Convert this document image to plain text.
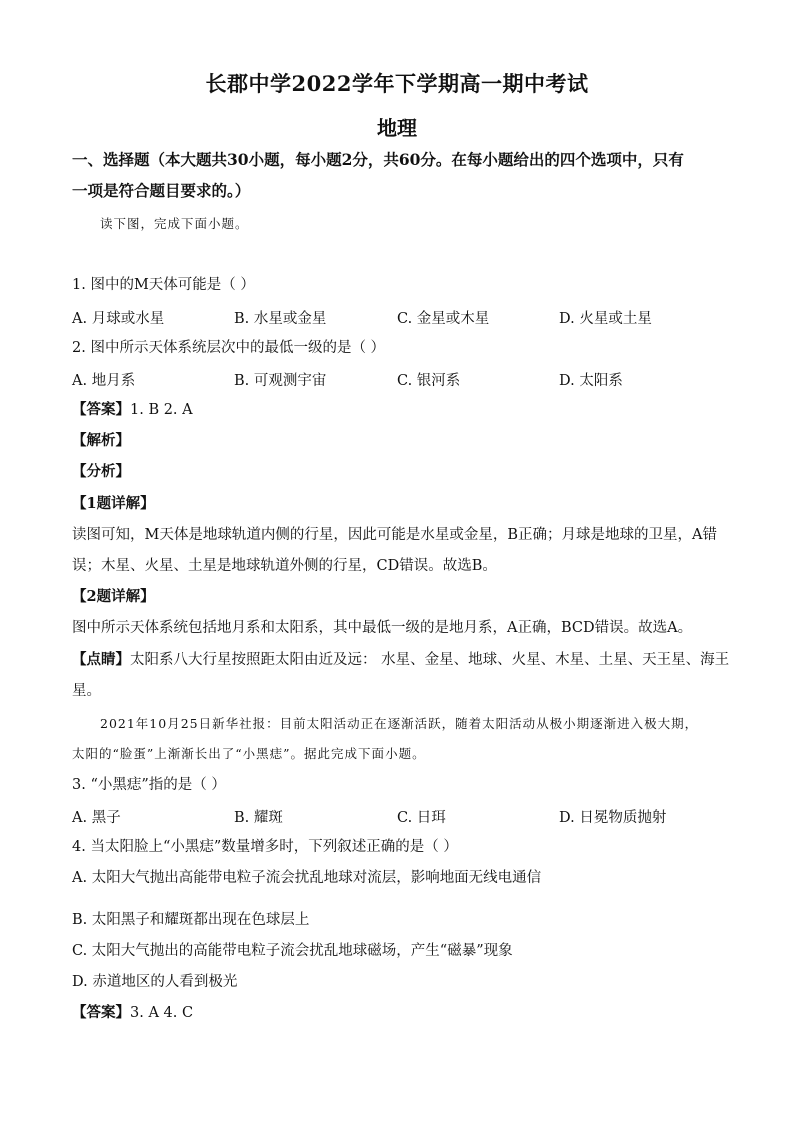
长郡中学2022学年下学期高一期中考试
地理
一、选择题（本大题共30小题，每小题2分，共60分。在每小题给出的四个选项中，只有
一项是符合题目要求的。）
读下图，完成下面小题。
1. 图中的M天体可能是（ ）
A. 月球或水星	B. 水星或金星	C. 金星或木星	D. 火星或土星
2. 图中所示天体系统层次中的最低一级的是（ ）
A. 地月系	B. 可观测宇宙	C. 银河系	D. 太阳系
【答案】1. B 2. A
【解析】
【分析】
【1题详解】
读图可知，M天体是地球轨道内侧的行星，因此可能是水星或金星，B正确；月球是地球的卫星，A错
误；木星、火星、土星是地球轨道外侧的行星，CD错误。故选B。
【2题详解】
图中所示天体系统包括地月系和太阳系，其中最低一级的是地月系，A正确，BCD错误。故选A。
【点睛】太阳系八大行星按照距太阳由近及远： 水星、金星、地球、火星、木星、土星、天王星、海王
星。
2021年10月25日新华社报：目前太阳活动正在逐渐活跃，随着太阳活动从极小期逐渐进入极大期，
太阳的“脸蛋”上渐渐长出了“小黑痣”。据此完成下面小题。
3. “小黑痣”指的是（ ）
A. 黑子	B. 耀斑	C. 日珥	D. 日冕物质抛射
4. 当太阳脸上“小黑痣”数量增多时，下列叙述正确的是（ ）
A. 太阳大气抛出高能带电粒子流会扰乱地球对流层，影响地面无线电通信
B. 太阳黑子和耀斑都出现在色球层上
C. 太阳大气抛出的高能带电粒子流会扰乱地球磁场，产生“磁暴”现象
D. 赤道地区的人看到极光
【答案】3. A 4. C
